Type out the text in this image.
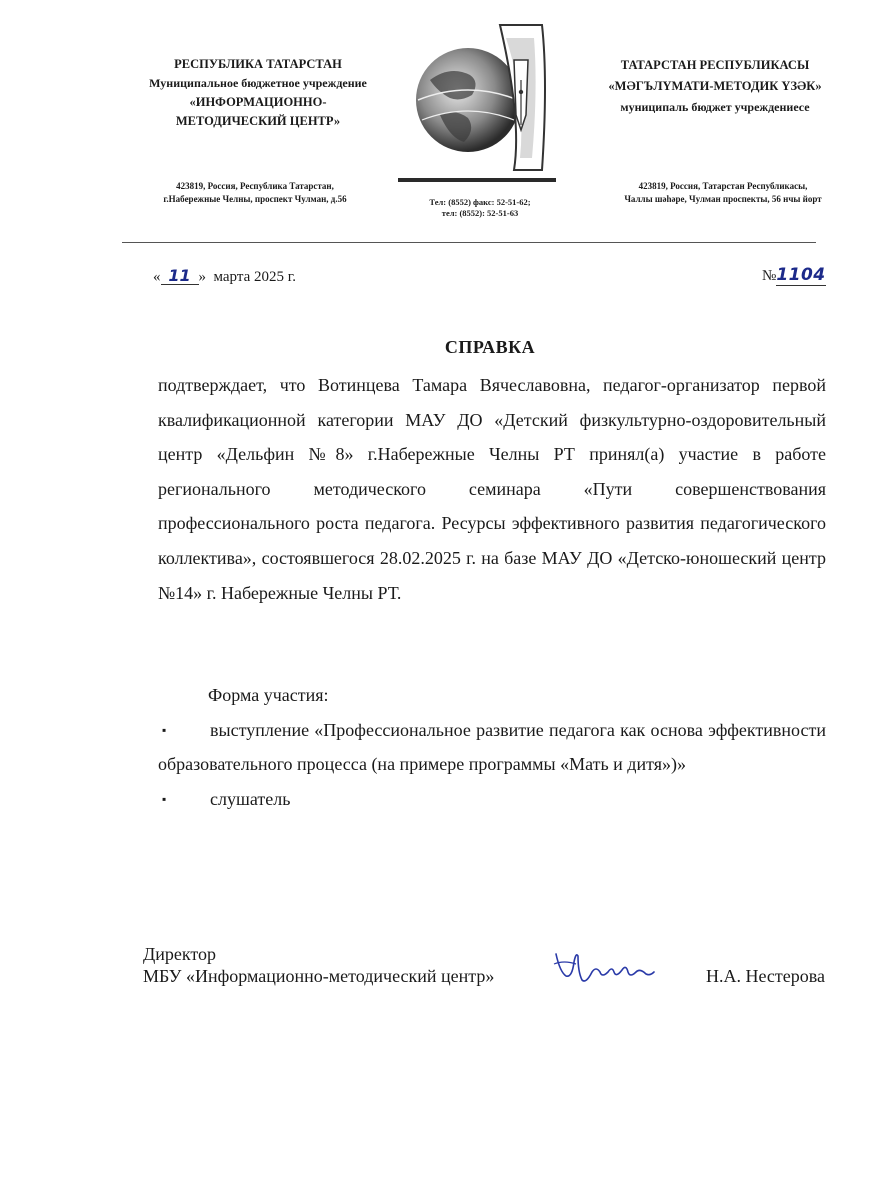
РЕСПУБЛИКА ТАТАРСТАН
Муниципальное бюджетное учреждение
«ИНФОРМАЦИОННО-
МЕТОДИЧЕСКИЙ ЦЕНТР»
ТАТАРСТАН РЕСПУБЛИКАСЫ
«МӘГЪЛҮМАТИ-МЕТОДИК ҮЗӘК»
муниципаль бюджет учреждениесе
423819, Россия, Республика Татарстан,
г.Набережные Челны, проспект Чулман, д.56	Тел: (8552) факс: 52-51-62;
тел: (8552): 52-51-63
423819, Россия, Татарстан Республикасы,
Чаллы шәһәре, Чулман проспекты, 56 нчы йорт
« 11 » марта 2025 г.	№1104
СПРАВКА
подтверждает, что Вотинцева Тамара Вячеславовна, педагог-организатор первой квалификационной категории МАУ ДО «Детский физкультурно-оздоровительный центр «Дельфин №8» г.Набережные Челны РТ принял(а) участие в работе регионального методического семинара «Пути совершенствования профессионального роста педагога. Ресурсы эффективного развития педагогического коллектива», состоявшегося 28.02.2025 г. на базе МАУ ДО «Детско-юношеский центр №14» г. Набережные Челны РТ.
Форма участия:
▪	выступление «Профессиональное развитие педагога как основа эффективности образовательного процесса (на примере программы «Мать и дитя»)»
▪	слушатель
Директор
МБУ «Информационно-методический центр»	Н.А. Нестерова
